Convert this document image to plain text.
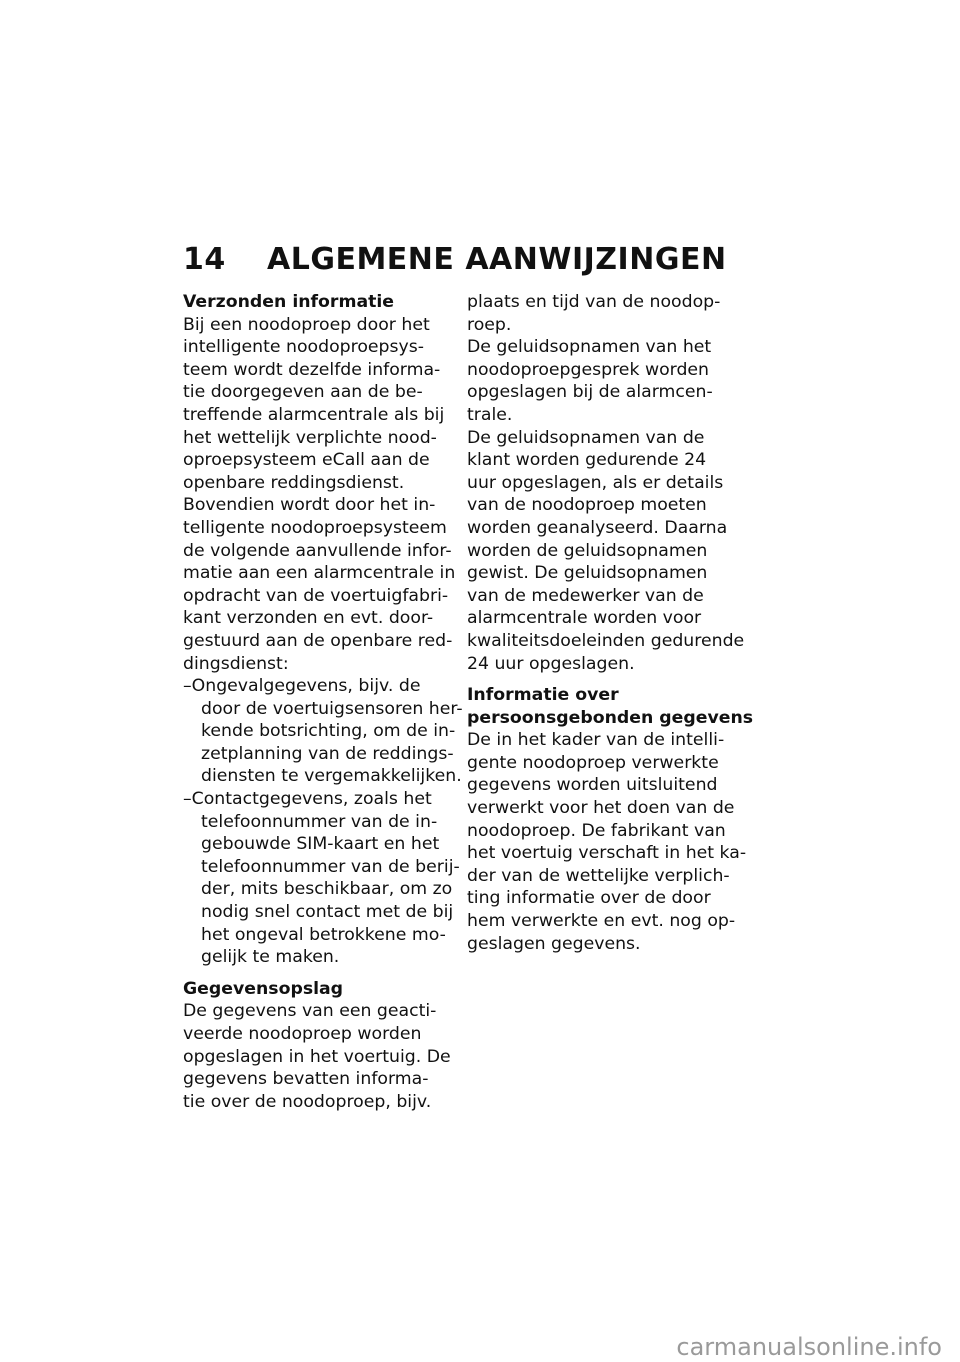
14 ALGEMENE AANWIJZINGEN
Verzonden informatie
Bij een noodoproep door het
intelligente noodoproepsys-
teem wordt dezelfde informa-
tie doorgegeven aan de be-
treffende alarmcentrale als bij
het wettelijk verplichte nood-
oproepsysteem eCall aan de
openbare reddingsdienst.
Bovendien wordt door het in-
telligente noodoproepsysteem
de volgende aanvullende infor-
matie aan een alarmcentrale in
opdracht van de voertuigfabri-
kant verzonden en evt. door-
gestuurd aan de openbare red-
dingsdienst:
–Ongevalgegevens, bijv. de
door de voertuigsensoren her-
kende botsrichting, om de in-
zetplanning van de reddings-
diensten te vergemakkelijken.
–Contactgegevens, zoals het
telefoonnummer van de in-
gebouwde SIM-kaart en het
telefoonnummer van de berij-
der, mits beschikbaar, om zo
nodig snel contact met de bij
het ongeval betrokkene mo-
gelijk te maken.
Gegevensopslag
De gegevens van een geacti-
veerde noodoproep worden
opgeslagen in het voertuig. De
gegevens bevatten informa-
tie over de noodoproep, bijv.
plaats en tijd van de noodop-
roep.
De geluidsopnamen van het
noodoproepgesprek worden
opgeslagen bij de alarmcen-
trale.
De geluidsopnamen van de
klant worden gedurende 24
uur opgeslagen, als er details
van de noodoproep moeten
worden geanalyseerd. Daarna
worden de geluidsopnamen
gewist. De geluidsopnamen
van de medewerker van de
alarmcentrale worden voor
kwaliteitsdoeleinden gedurende
24 uur opgeslagen.
Informatie over
persoonsgebonden gegevens
De in het kader van de intelli-
gente noodoproep verwerkte
gegevens worden uitsluitend
verwerkt voor het doen van de
noodoproep. De fabrikant van
het voertuig verschaft in het ka-
der van de wettelijke verplich-
ting informatie over de door
hem verwerkte en evt. nog op-
geslagen gegevens.
carmanualsonline.info
